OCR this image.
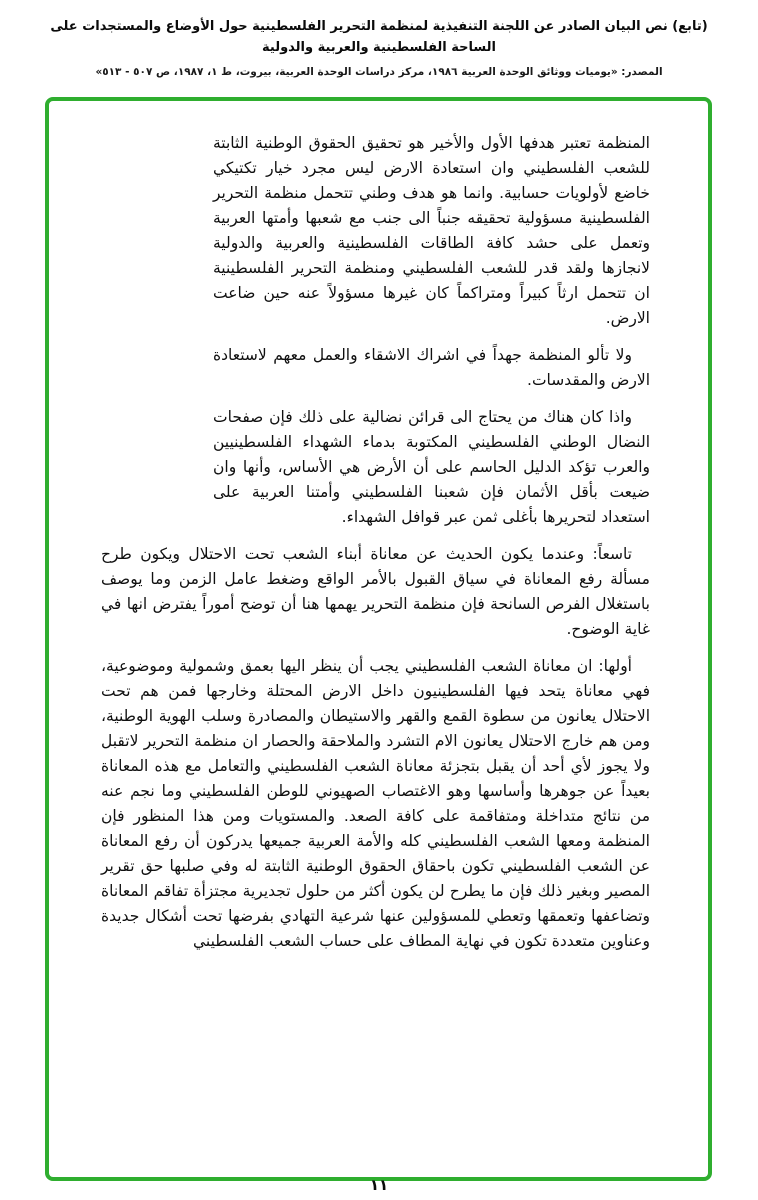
(تابع) نص البيان الصادر عن اللجنة التنفيذية لمنظمة التحرير الفلسطينية حول الأوضاع والمستجدات على الساحة الفلسطينية والعربية والدولية
المصدر: «يوميات ووثائق الوحدة العربية ١٩٨٦، مركز دراسات الوحدة العربية، بيروت، ط ١، ١٩٨٧، ص ٥٠٧ - ٥١٣»

المنظمة تعتبر هدفها الأول والأخير هو تحقيق الحقوق الوطنية الثابتة للشعب الفلسطيني وان استعادة الارض ليس مجرد خيار تكتيكي خاضع لأولويات حسابية. وانما هو هدف وطني تتحمل منظمة التحرير الفلسطينية مسؤولية تحقيقه جنباً الى جنب مع شعبها وأمتها العربية وتعمل على حشد كافة الطاقات الفلسطينية والعربية والدولية لانجازها ولقد قدر للشعب الفلسطيني ومنظمة التحرير الفلسطينية ان تتحمل ارثاً كبيراً ومتراكماً كان غيرها مسؤولاً عنه حين ضاعت الارض.

ولا تألو المنظمة جهداً في اشراك الاشقاء والعمل معهم لاستعادة الارض والمقدسات.

واذا كان هناك من يحتاج الى قرائن نضالية على ذلك فإن صفحات النضال الوطني الفلسطيني المكتوبة بدماء الشهداء الفلسطينيين والعرب تؤكد الدليل الحاسم على أن الأرض هي الأساس، وأنها وان ضيعت بأقل الأثمان فإن شعبنا الفلسطيني وأمتنا العربية على استعداد لتحريرها بأغلى ثمن عبر قوافل الشهداء.

تاسعاً: وعندما يكون الحديث عن معاناة أبناء الشعب تحت الاحتلال ويكون طرح مسألة رفع المعاناة في سياق القبول بالأمر الواقع وضغط عامل الزمن وما يوصف باستغلال الفرص السانحة فإن منظمة التحرير يهمها هنا أن توضح أموراً يفترض انها في غاية الوضوح.

أولها: ان معاناة الشعب الفلسطيني يجب أن ينظر اليها بعمق وشمولية وموضوعية، فهي معاناة يتحد فيها الفلسطينيون داخل الارض المحتلة وخارجها فمن هم تحت الاحتلال يعانون من سطوة القمع والقهر والاستيطان والمصادرة وسلب الهوية الوطنية، ومن هم خارج الاحتلال يعانون الام التشرد والملاحقة والحصار ان منظمة التحرير لاتقبل ولا يجوز لأي أحد أن يقبل بتجزئة معاناة الشعب الفلسطيني والتعامل مع هذه المعاناة بعيداً عن جوهرها وأساسها وهو الاغتصاب الصهيوني للوطن الفلسطيني وما نجم عنه من نتائج متداخلة ومتفاقمة على كافة الصعد. والمستويات ومن هذا المنظور فإن المنظمة ومعها الشعب الفلسطيني كله والأمة العربية جميعها يدركون أن رفع المعاناة عن الشعب الفلسطيني تكون باحقاق الحقوق الوطنية الثابتة له وفي صلبها حق تقرير المصير وبغير ذلك فإن ما يطرح لن يكون أكثر من حلول تجديرية مجتزأة تفاقم المعاناة وتضاعفها وتعمقها وتعطي للمسؤولين عنها شرعية التهادي بفرضها تحت أشكال جديدة وعناوين متعددة تكون في نهاية المطاف على حساب الشعب الفلسطيني

١١
